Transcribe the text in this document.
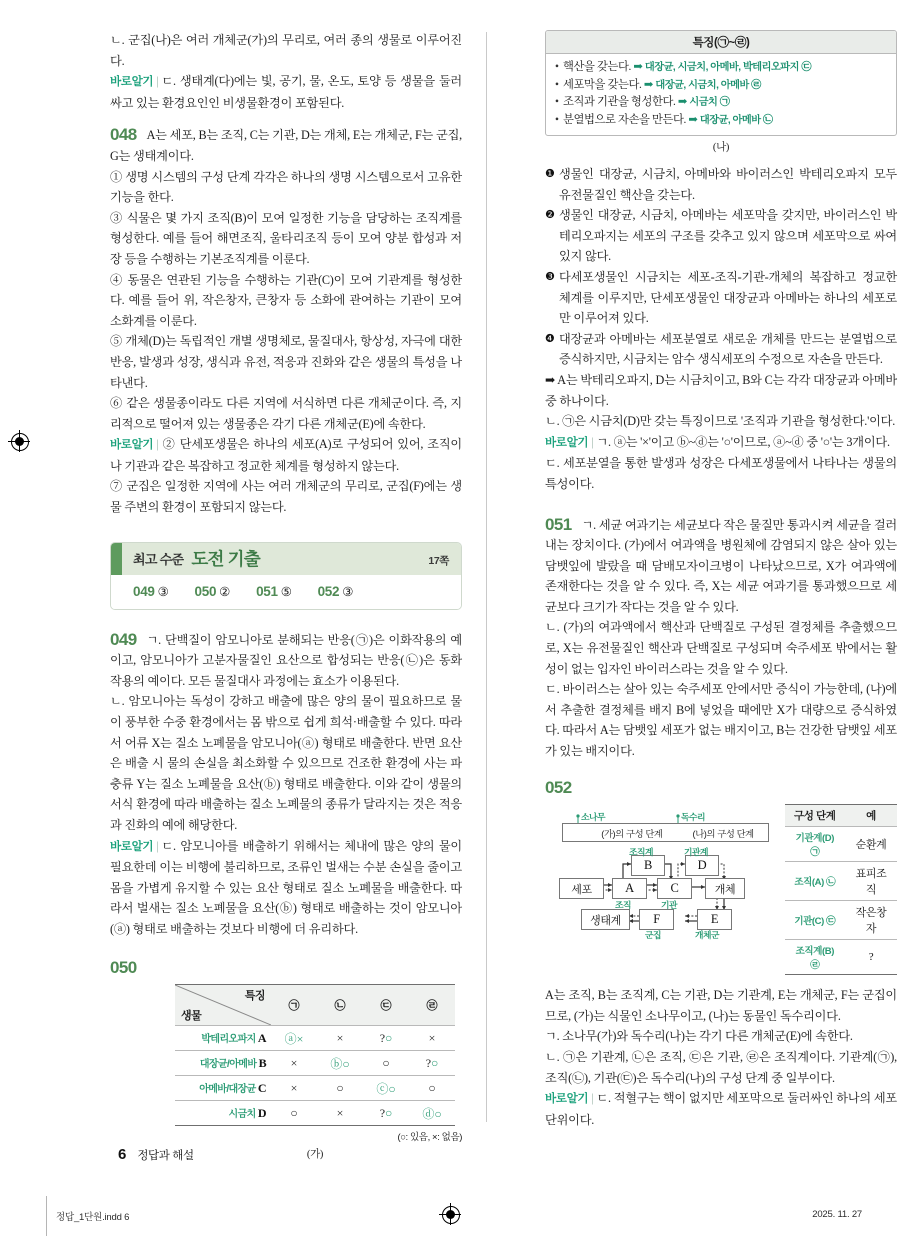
ㄴ. 군집(나)은 여러 개체군(가)의 무리로, 여러 종의 생물로 이루어진다.

바로알기 | ㄷ. 생태계(다)에는 빛, 공기, 물, 온도, 토양 등 생물을 둘러싸고 있는 환경요인인 비생물환경이 포함된다.

048 A는 세포, B는 조직, C는 기관, D는 개체, E는 개체군, F는 군집, G는 생태계이다.

① 생명 시스템의 구성 단계 각각은 하나의 생명 시스템으로서 고유한 기능을 한다.

③ 식물은 몇 가지 조직(B)이 모여 일정한 기능을 담당하는 조직계를 형성한다. 예를 들어 해면조직, 울타리조직 등이 모여 양분 합성과 저장 등을 수행하는 기본조직계를 이룬다.

④ 동물은 연관된 기능을 수행하는 기관(C)이 모여 기관계를 형성한다. 예를 들어 위, 작은창자, 큰창자 등 소화에 관여하는 기관이 모여 소화계를 이룬다.

⑤ 개체(D)는 독립적인 개별 생명체로, 물질대사, 항상성, 자극에 대한 반응, 발생과 성장, 생식과 유전, 적응과 진화와 같은 생물의 특성을 나타낸다.

⑥ 같은 생물종이라도 다른 지역에 서식하면 다른 개체군이다. 즉, 지리적으로 떨어져 있는 생물종은 각기 다른 개체군(E)에 속한다.

바로알기 | ② 단세포생물은 하나의 세포(A)로 구성되어 있어, 조직이나 기관과 같은 복잡하고 정교한 체계를 형성하지 않는다.

⑦ 군집은 일정한 지역에 사는 여러 개체군의 무리로, 군집(F)에는 생물 주변의 환경이 포함되지 않는다.

최고 수준 도전 기출	17쪽
049 ③ 050 ② 051 ⑤ 052 ③

049 ㄱ. 단백질이 암모니아로 분해되는 반응(㉠)은 이화작용의 예이고, 암모니아가 고분자물질인 요산으로 합성되는 반응(㉡)은 동화작용의 예이다. 모든 물질대사 과정에는 효소가 이용된다.

ㄴ. 암모니아는 독성이 강하고 배출에 많은 양의 물이 필요하므로 물이 풍부한 수중 환경에서는 몸 밖으로 쉽게 희석·배출할 수 있다. 따라서 어류 X는 질소 노폐물을 암모니아(ⓐ) 형태로 배출한다. 반면 요산은 배출 시 물의 손실을 최소화할 수 있으므로 건조한 환경에 사는 파충류 Y는 질소 노폐물을 요산(ⓑ) 형태로 배출한다. 이와 같이 생물의 서식 환경에 따라 배출하는 질소 노폐물의 종류가 달라지는 것은 적응과 진화의 예에 해당한다.

바로알기 | ㄷ. 암모니아를 배출하기 위해서는 체내에 많은 양의 물이 필요한데 이는 비행에 불리하므로, 조류인 벌새는 수분 손실을 줄이고 몸을 가볍게 유지할 수 있는 요산 형태로 질소 노폐물을 배출한다. 따라서 벌새는 질소 노폐물을 요산(ⓑ) 형태로 배출하는 것이 암모니아(ⓐ) 형태로 배출하는 것보다 비행에 더 유리하다.

050

특징
생물	㉠	㉡	㉢	㉣
박테리오파지 A	ⓐ×	×	?○	×
대장균/아메바 B	×	ⓑ○	○	?○
아메바/대장균 C	×	○	ⓒ○	○
시금치 D	○	×	?○	ⓓ○
(○: 있음, ×: 없음)
(가)
특징(㉠~㉣)
• 핵산을 갖는다. ➡ 대장균, 시금치, 아메바, 박테리오파지 ㉢
• 세포막을 갖는다. ➡ 대장균, 시금치, 아메바 ㉣
• 조직과 기관을 형성한다. ➡ 시금치 ㉠
• 분열법으로 자손을 만든다. ➡ 대장균, 아메바 ㉡
(나)
❶ 생물인 대장균, 시금치, 아메바와 바이러스인 박테리오파지 모두 유전물질인 핵산을 갖는다.
❷ 생물인 대장균, 시금치, 아메바는 세포막을 갖지만, 바이러스인 박테리오파지는 세포의 구조를 갖추고 있지 않으며 세포막으로 싸여 있지 않다.
❸ 다세포생물인 시금치는 세포-조직-기관-개체의 복잡하고 정교한 체계를 이루지만, 단세포생물인 대장균과 아메바는 하나의 세포로만 이루어져 있다.
❹ 대장균과 아메바는 세포분열로 새로운 개체를 만드는 분열법으로 증식하지만, 시금치는 암수 생식세포의 수정으로 자손을 만든다.

➡ A는 박테리오파지, D는 시금치이고, B와 C는 각각 대장균과 아메바 중 하나이다.

ㄴ. ㉠은 시금치(D)만 갖는 특징이므로 '조직과 기관을 형성한다.'이다.

바로알기 | ㄱ. ⓐ는 '×'이고 ⓑ~ⓓ는 '○'이므로, ⓐ~ⓓ 중 '○'는 3개이다.

ㄷ. 세포분열을 통한 발생과 성장은 다세포생물에서 나타나는 생물의 특성이다.

051 ㄱ. 세균 여과기는 세균보다 작은 물질만 통과시켜 세균을 걸러 내는 장치이다. (가)에서 여과액을 병원체에 감염되지 않은 살아 있는 담뱃잎에 발랐을 때 담배모자이크병이 나타났으므로, X가 여과액에 존재한다는 것을 알 수 있다. 즉, X는 세균 여과기를 통과했으므로 세균보다 크기가 작다는 것을 알 수 있다.

ㄴ. (가)의 여과액에서 핵산과 단백질로 구성된 결정체를 추출했으므로, X는 유전물질인 핵산과 단백질로 구성되며 숙주세포 밖에서는 활성이 없는 입자인 바이러스라는 것을 알 수 있다.

ㄷ. 바이러스는 살아 있는 숙주세포 안에서만 증식이 가능한데, (나)에서 추출한 결정체를 배지 B에 넣었을 때에만 X가 대량으로 증식하였다. 따라서 A는 담뱃잎 세포가 없는 배지이고, B는 건강한 담뱃잎 세포가 있는 배지이다.

052

소나무	독수리
(가)의 구성 단계	(나)의 구성 단계
세포	A
B
C
D
개체
E
F
생태계
조직
조직계
기관
기관계
개체군
군집
구성 단계	예
기관계(D) ㉠	순환계
조직(A) ㉡	표피조직
기관(C) ㉢	작은창자
조직계(B) ㉣	?

A는 조직, B는 조직계, C는 기관, D는 기관계, E는 개체군, F는 군집이므로, (가)는 식물인 소나무이고, (나)는 동물인 독수리이다.

ㄱ. 소나무(가)와 독수리(나)는 각기 다른 개체군(E)에 속한다.

ㄴ. ㉠은 기관계, ㉡은 조직, ㉢은 기관, ㉣은 조직계이다. 기관계(㉠), 조직(㉡), 기관(㉢)은 독수리(나)의 구성 단계 중 일부이다.

바로알기 | ㄷ. 적혈구는 핵이 없지만 세포막으로 둘러싸인 하나의 세포 단위이다.

6 정답과 해설
정답_1단원.indd 6	2025. 11. 27
